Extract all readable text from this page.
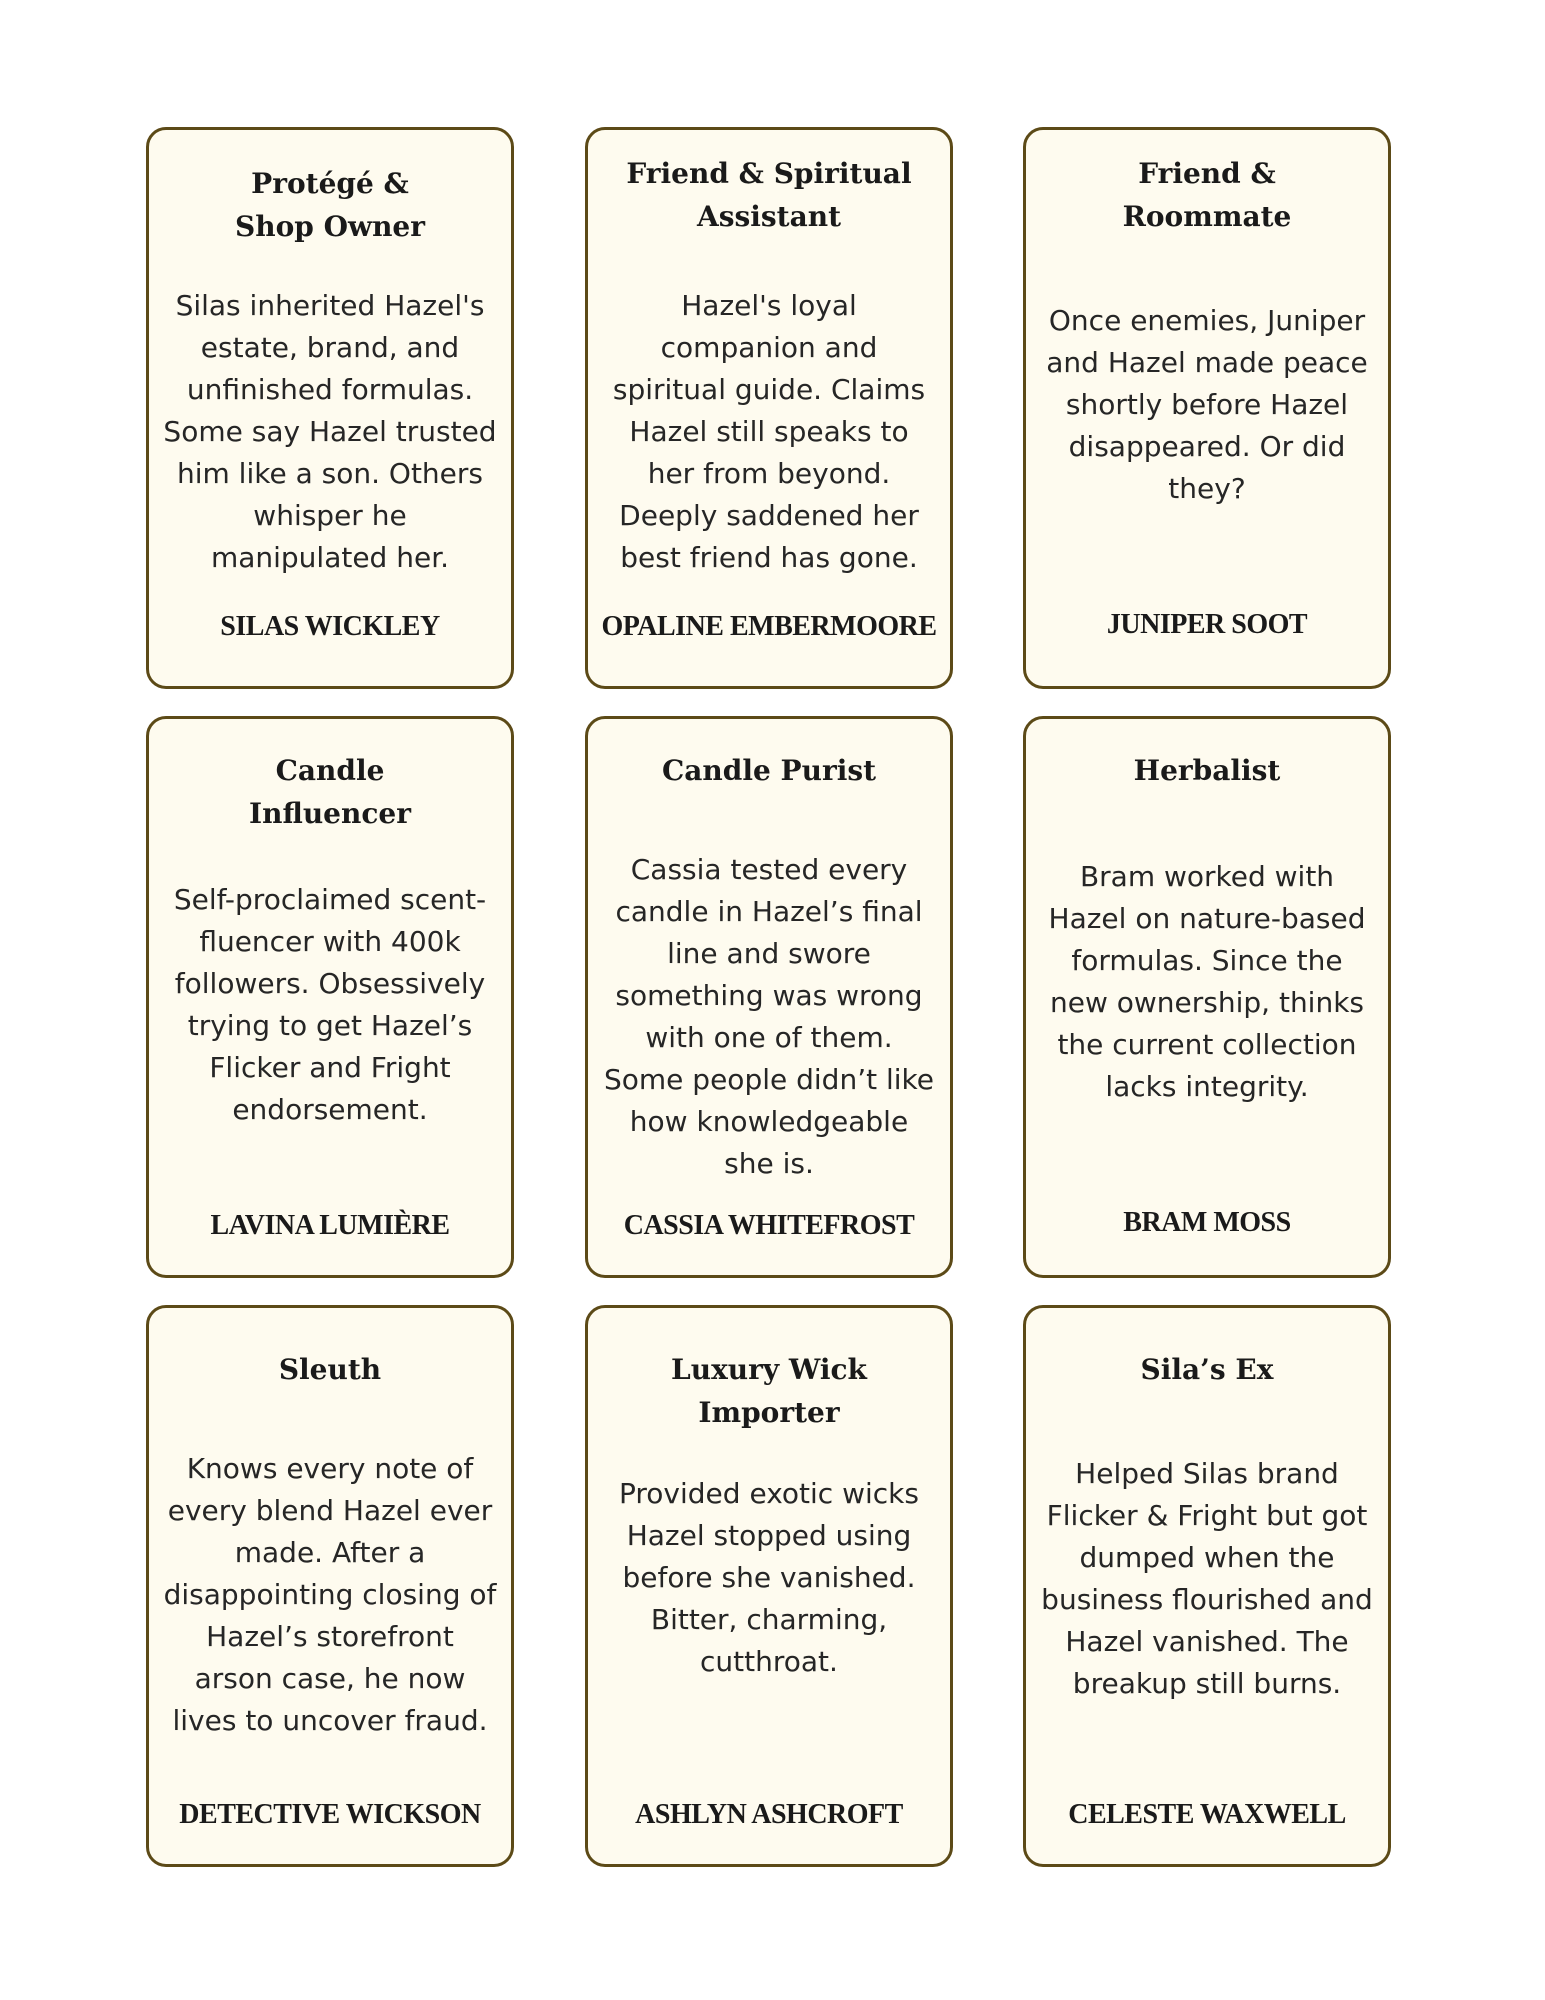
Protégé &
Shop Owner

Silas inherited Hazel's estate, brand, and unfinished formulas. Some say Hazel trusted him like a son. Others whisper he manipulated her.

SILAS WICKLEY

Friend & Spiritual Assistant

Hazel's loyal companion and spiritual guide. Claims Hazel still speaks to her from beyond. Deeply saddened her best friend has gone.

OPALINE EMBERMOORE

Friend &
Roommate

Once enemies, Juniper and Hazel made peace shortly before Hazel disappeared. Or did they?

JUNIPER SOOT

Candle
Influencer

Self-proclaimed scent-fluencer with 400k followers. Obsessively trying to get Hazel’s Flicker and Fright endorsement.

LAVINA LUMIÈRE

Candle Purist

Cassia tested every candle in Hazel’s final line and swore something was wrong with one of them. Some people didn’t like how knowledgeable she is.

CASSIA WHITEFROST

Herbalist

Bram worked with Hazel on nature-based formulas. Since the new ownership, thinks the current collection lacks integrity.

BRAM MOSS

Sleuth

Knows every note of every blend Hazel ever made. After a disappointing closing of Hazel’s storefront arson case, he now lives to uncover fraud.

DETECTIVE WICKSON

Luxury Wick
Importer

Provided exotic wicks Hazel stopped using before she vanished. Bitter, charming, cutthroat.

ASHLYN ASHCROFT

Sila’s Ex

Helped Silas brand Flicker & Fright but got dumped when the business flourished and Hazel vanished. The breakup still burns.

CELESTE WAXWELL
